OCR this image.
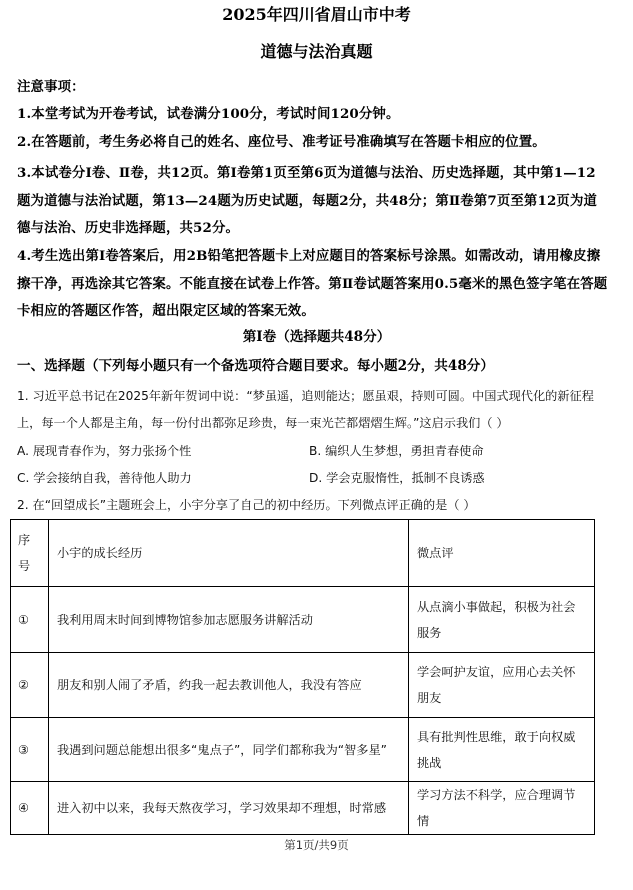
2025年四川省眉山市中考
道德与法治真题
注意事项：
1.本堂考试为开卷考试，试卷满分100分，考试时间120分钟。
2.在答题前，考生务必将自己的姓名、座位号、准考证号准确填写在答题卡相应的位置。
3.本试卷分Ⅰ卷、Ⅱ卷，共12页。第Ⅰ卷第1页至第6页为道德与法治、历史选择题，其中第1—12题为道德与法治试题，第13—24题为历史试题，每题2分，共48分；第Ⅱ卷第7页至第12页为道德与法治、历史非选择题，共52分。
4.考生选出第Ⅰ卷答案后，用2B铅笔把答题卡上对应题目的答案标号涂黑。如需改动，请用橡皮擦擦干净，再选涂其它答案。不能直接在试卷上作答。第Ⅱ卷试题答案用0.5毫米的黑色签字笔在答题卡相应的答题区作答，超出限定区域的答案无效。
第Ⅰ卷（选择题共48分）
一、选择题（下列每小题只有一个备选项符合题目要求。每小题2分，共48分）
1. 习近平总书记在2025年新年贺词中说：“梦虽遥，追则能达；愿虽艰，持则可圆。中国式现代化的新征程上，每一个人都是主角，每一份付出都弥足珍贵，每一束光芒都熠熠生辉。”这启示我们（ ）
A. 展现青春作为，努力张扬个性	B. 编织人生梦想，勇担青春使命
C. 学会接纳自我，善待他人助力	D. 学会克服惰性，抵制不良诱惑
2. 在“回望成长”主题班会上，小宇分享了自己的初中经历。下列微点评正确的是（ ）
序号	小宇的成长经历	微点评
①	我利用周末时间到博物馆参加志愿服务讲解活动	从点滴小事做起，积极为社会服务
②	朋友和别人闹了矛盾，约我一起去教训他人，我没有答应	学会呵护友谊，应用心去关怀朋友
③	我遇到问题总能想出很多“鬼点子”，同学们都称我为“智多星”	具有批判性思维，敢于向权威挑战
④	进入初中以来，我每天熬夜学习，学习效果却不理想，时常感	学习方法不科学，应合理调节情
第1页/共9页
